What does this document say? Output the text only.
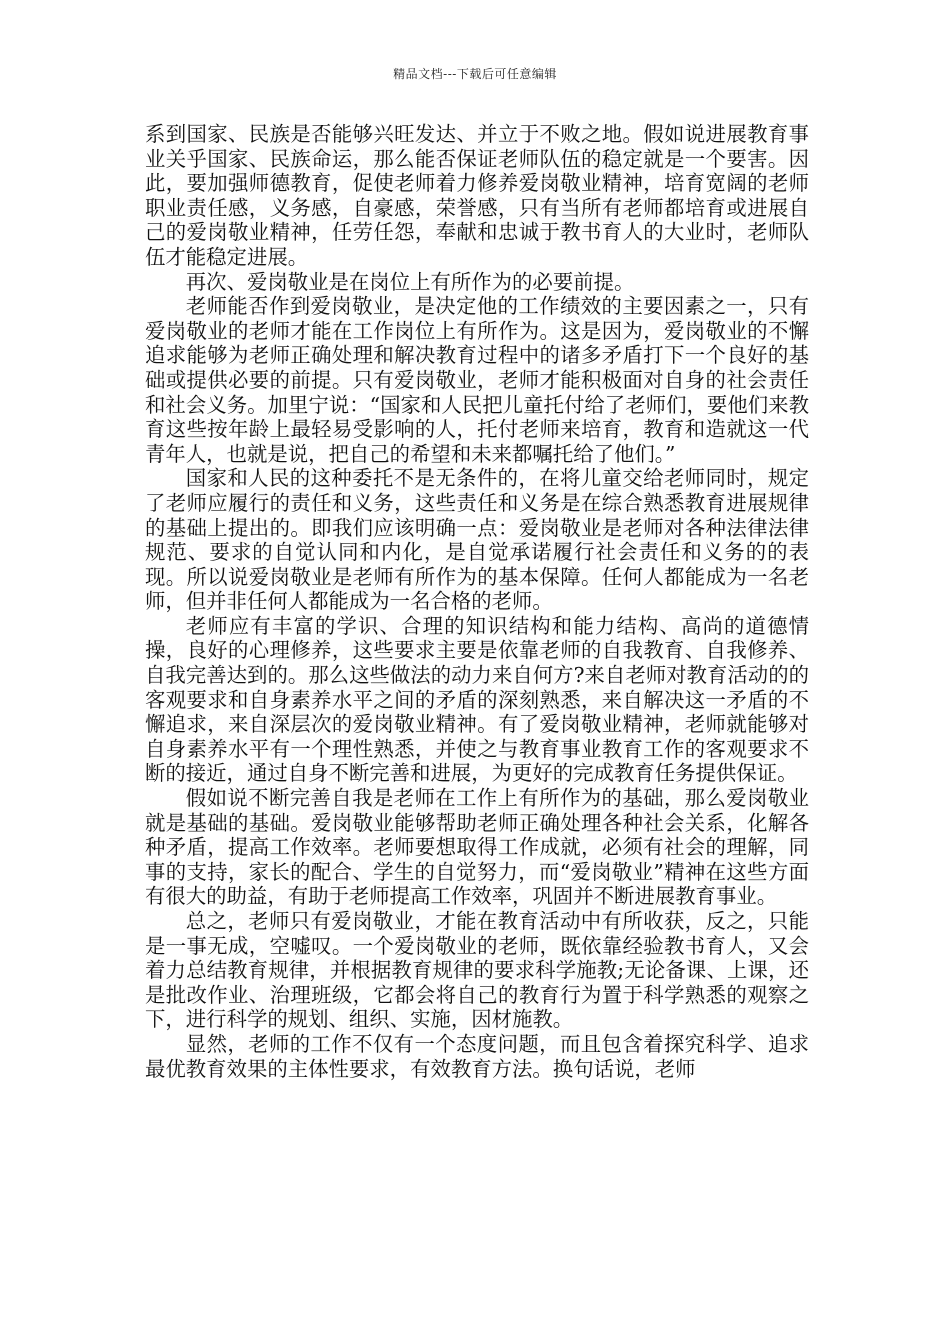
精品文档---下载后可任意编辑

系到国家、民族是否能够兴旺发达、并立于不败之地。假如说进展教育事业关乎国家、民族命运，那么能否保证老师队伍的稳定就是一个要害。因此，要加强师德教育，促使老师着力修养爱岗敬业精神，培育宽阔的老师职业责任感，义务感，自豪感，荣誉感，只有当所有老师都培育或进展自己的爱岗敬业精神，任劳任怨，奉献和忠诚于教书育人的大业时，老师队伍才能稳定进展。

再次、爱岗敬业是在岗位上有所作为的必要前提。

老师能否作到爱岗敬业，是决定他的工作绩效的主要因素之一，只有爱岗敬业的老师才能在工作岗位上有所作为。这是因为，爱岗敬业的不懈追求能够为老师正确处理和解决教育过程中的诸多矛盾打下一个良好的基础或提供必要的前提。只有爱岗敬业，老师才能积极面对自身的社会责任和社会义务。加里宁说：“国家和人民把儿童托付给了老师们，要他们来教育这些按年龄上最轻易受影响的人，托付老师来培育，教育和造就这一代青年人，也就是说，把自己的希望和未来都嘱托给了他们。”

国家和人民的这种委托不是无条件的，在将儿童交给老师同时，规定了老师应履行的责任和义务，这些责任和义务是在综合熟悉教育进展规律的基础上提出的。即我们应该明确一点：爱岗敬业是老师对各种法律法律规范、要求的自觉认同和内化，是自觉承诺履行社会责任和义务的的表现。所以说爱岗敬业是老师有所作为的基本保障。任何人都能成为一名老师，但并非任何人都能成为一名合格的老师。

老师应有丰富的学识、合理的知识结构和能力结构、高尚的道德情操，良好的心理修养，这些要求主要是依靠老师的自我教育、自我修养、自我完善达到的。那么这些做法的动力来自何方?来自老师对教育活动的的客观要求和自身素养水平之间的矛盾的深刻熟悉，来自解决这一矛盾的不懈追求，来自深层次的爱岗敬业精神。有了爱岗敬业精神，老师就能够对自身素养水平有一个理性熟悉，并使之与教育事业教育工作的客观要求不断的接近，通过自身不断完善和进展，为更好的完成教育任务提供保证。

假如说不断完善自我是老师在工作上有所作为的基础，那么爱岗敬业就是基础的基础。爱岗敬业能够帮助老师正确处理各种社会关系，化解各种矛盾，提高工作效率。老师要想取得工作成就，必须有社会的理解，同事的支持，家长的配合、学生的自觉努力，而“爱岗敬业”精神在这些方面有很大的助益，有助于老师提高工作效率，巩固并不断进展教育事业。

总之，老师只有爱岗敬业，才能在教育活动中有所收获，反之，只能是一事无成，空嘘叹。一个爱岗敬业的老师，既依靠经验教书育人，又会着力总结教育规律，并根据教育规律的要求科学施教;无论备课、上课，还是批改作业、治理班级，它都会将自己的教育行为置于科学熟悉的观察之下，进行科学的规划、组织、实施，因材施教。

显然，老师的工作不仅有一个态度问题，而且包含着探究科学、追求最优教育效果的主体性要求，有效教育方法。换句话说，老师
